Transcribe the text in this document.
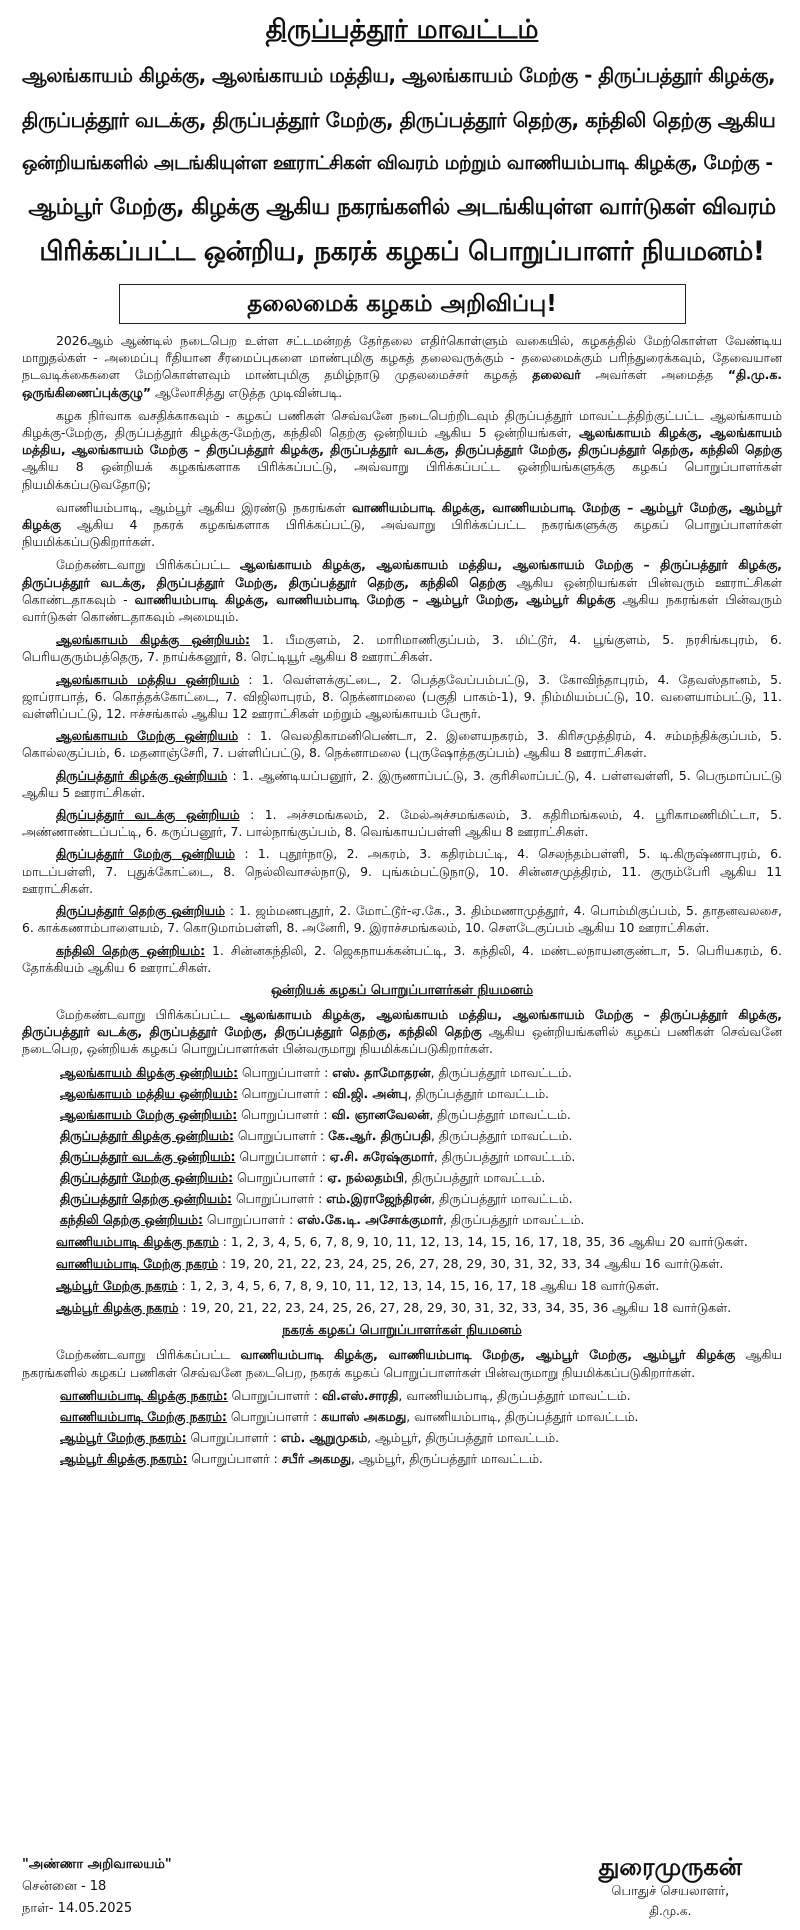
திருப்பத்தூர் மாவட்டம்

ஆலங்காயம் கிழக்கு, ஆலங்காயம் மத்திய, ஆலங்காயம் மேற்கு - திருப்பத்தூர் கிழக்கு,

திருப்பத்தூர் வடக்கு, திருப்பத்தூர் மேற்கு, திருப்பத்தூர் தெற்கு, கந்திலி தெற்கு ஆகிய

ஒன்றியங்களில் அடங்கியுள்ள ஊராட்சிகள் விவரம் மற்றும் வாணியம்பாடி கிழக்கு, மேற்கு -

ஆம்பூர் மேற்கு, கிழக்கு ஆகிய நகரங்களில் அடங்கியுள்ள வார்டுகள் விவரம்

பிரிக்கப்பட்ட ஒன்றிய, நகரக் கழகப் பொறுப்பாளர் நியமனம்!

தலைமைக் கழகம் அறிவிப்பு!

2026ஆம் ஆண்டில் நடைபெற உள்ள சட்டமன்றத் தேர்தலை எதிர்கொள்ளும் வகையில், கழகத்தில் மேற்கொள்ள வேண்டிய மாறுதல்கள் - அமைப்பு ரீதியான சீரமைப்புகளை மாண்புமிகு கழகத் தலைவருக்கும் - தலைமைக்கும் பரிந்துரைக்கவும், தேவையான நடவடிக்கைகளை மேற்கொள்ளவும் மாண்புமிகு தமிழ்நாடு முதலமைச்சர் கழகத் தலைவர் அவர்கள் அமைத்த “தி.மு.க. ஒருங்கிணைப்புக்குழு” ஆலோசித்து எடுத்த முடிவின்படி.

கழக நிர்வாக வசதிக்காகவும் - கழகப் பணிகள் செவ்வனே நடைபெற்றிடவும் திருப்பத்தூர் மாவட்டத்திற்குட்பட்ட ஆலங்காயம் கிழக்கு-மேற்கு, திருப்பத்தூர் கிழக்கு-மேற்கு, கந்திலி தெற்கு ஒன்றியம் ஆகிய 5 ஒன்றியங்கள், ஆலங்காயம் கிழக்கு, ஆலங்காயம் மத்திய, ஆலங்காயம் மேற்கு – திருப்பத்தூர் கிழக்கு, திருப்பத்தூர் வடக்கு, திருப்பத்தூர் மேற்கு, திருப்பத்தூர் தெற்கு, கந்திலி தெற்கு ஆகிய 8 ஒன்றியக் கழகங்களாக பிரிக்கப்பட்டு, அவ்வாறு பிரிக்கப்பட்ட ஒன்றியங்களுக்கு கழகப் பொறுப்பாளர்கள் நியமிக்கப்படுவதோடு;

வாணியம்பாடி, ஆம்பூர் ஆகிய இரண்டு நகரங்கள் வாணியம்பாடி கிழக்கு, வாணியம்பாடி மேற்கு – ஆம்பூர் மேற்கு, ஆம்பூர் கிழக்கு ஆகிய 4 நகரக் கழகங்களாக பிரிக்கப்பட்டு, அவ்வாறு பிரிக்கப்பட்ட நகரங்களுக்கு கழகப் பொறுப்பாளர்கள் நியமிக்கப்படுகிறார்கள்.

மேற்கண்டவாறு பிரிக்கப்பட்ட ஆலங்காயம் கிழக்கு, ஆலங்காயம் மத்திய, ஆலங்காயம் மேற்கு – திருப்பத்தூர் கிழக்கு, திருப்பத்தூர் வடக்கு, திருப்பத்தூர் மேற்கு, திருப்பத்தூர் தெற்கு, கந்திலி தெற்கு ஆகிய ஒன்றியங்கள் பின்வரும் ஊராட்சிகள் கொண்டதாகவும் - வாணியம்பாடி கிழக்கு, வாணியம்பாடி மேற்கு – ஆம்பூர் மேற்கு, ஆம்பூர் கிழக்கு ஆகிய நகரங்கள் பின்வரும் வார்டுகள் கொண்டதாகவும் அமையும்.

ஆலங்காயம் கிழக்கு ஒன்றியம்: 1. பீமகுளம், 2. மாரிமாணிகுப்பம், 3. மிட்டூர், 4. பூங்குளம், 5. நரசிங்கபுரம், 6. பெரியகுரும்பத்தெரு, 7. நாய்க்கனூர், 8. ரெட்டியூர் ஆகிய 8 ஊராட்சிகள்.

ஆலங்காயம் மத்திய ஒன்றியம் : 1. வெள்ளக்குட்டை, 2. பெத்தவேப்பம்பட்டு, 3. கோவிந்தாபுரம், 4. தேவஸ்தானம், 5. ஜாப்ராபாத், 6. கொத்தக்கோட்டை, 7. விஜிலாபுரம், 8. நெக்னாமலை (பகுதி பாகம்-1), 9. நிம்மியம்பட்டு, 10. வளையாம்பட்டு, 11. வள்ளிப்பட்டு, 12. ஈச்சங்கால் ஆகிய 12 ஊராட்சிகள் மற்றும் ஆலங்காயம் பேரூர்.

ஆலங்காயம் மேற்கு ஒன்றியம் : 1. வெலதிகாமனிபெண்டா, 2. இளையநகரம், 3. கிரிசமுத்திரம், 4. சம்மந்திக்குப்பம், 5. கொல்லகுப்பம், 6. மதனாஞ்சேரி, 7. பள்ளிப்பட்டு, 8. நெக்னாமலை (புருஷோத்தகுப்பம்) ஆகிய 8 ஊராட்சிகள்.

திருப்பத்தூர் கிழக்கு ஒன்றியம் : 1. ஆண்டியப்பனூர், 2. இருணாப்பட்டு, 3. குரிசிலாப்பட்டு, 4. பள்ளவள்ளி, 5. பெருமாப்பட்டு ஆகிய 5 ஊராட்சிகள்.

திருப்பத்தூர் வடக்கு ஒன்றியம் : 1. அச்சமங்கலம், 2. மேல்அச்சமங்கலம், 3. கதிரிமங்கலம், 4. பூரிகாமணிமிட்டா, 5. அண்ணாண்டப்பட்டி, 6. கருப்பனூர், 7. பால்நாங்குப்பம், 8. வெங்காயப்பள்ளி ஆகிய 8 ஊராட்சிகள்.

திருப்பத்தூர் மேற்கு ஒன்றியம் : 1. புதூர்நாடு, 2. அகரம், 3. கதிரம்பட்டி, 4. செலந்தம்பள்ளி, 5. டி.கிருஷ்ணாபுரம், 6. மாடப்பள்ளி, 7. புதுக்கோட்டை, 8. நெல்லிவாசல்நாடு, 9. புங்கம்பட்டுநாடு, 10. சின்னசமுத்திரம், 11. குரும்பேரி ஆகிய 11 ஊராட்சிகள்.

திருப்பத்தூர் தெற்கு ஒன்றியம் : 1. ஜம்மணபுதூர், 2. மோட்டூர்-ஏ.கே., 3. திம்மணாமுத்தூர், 4. பொம்மிகுப்பம், 5. தாதனவலசை, 6. காக்கணாம்பாளையம், 7. கொடுமாம்பள்ளி, 8. அனேரி, 9. இராச்சமங்கலம், 10. சௌடேகுப்பம் ஆகிய 10 ஊராட்சிகள்.

கந்திலி தெற்கு ஒன்றியம்: 1. சின்னகந்திலி, 2. ஜெகநாயக்கன்பட்டி, 3. கந்திலி, 4. மண்டலநாயனகுண்டா, 5. பெரியகரம், 6. தோக்கியம் ஆகிய 6 ஊராட்சிகள்.

ஒன்றியக் கழகப் பொறுப்பாளர்கள் நியமனம்

மேற்கண்டவாறு பிரிக்கப்பட்ட ஆலங்காயம் கிழக்கு, ஆலங்காயம் மத்திய, ஆலங்காயம் மேற்கு – திருப்பத்தூர் கிழக்கு, திருப்பத்தூர் வடக்கு, திருப்பத்தூர் மேற்கு, திருப்பத்தூர் தெற்கு, கந்திலி தெற்கு ஆகிய ஒன்றியங்களில் கழகப் பணிகள் செவ்வனே நடைபெற, ஒன்றியக் கழகப் பொறுப்பாளர்கள் பின்வருமாறு நியமிக்கப்படுகிறார்கள்.

ஆலங்காயம் கிழக்கு ஒன்றியம்: பொறுப்பாளர் : எஸ். தாமோதரன், திருப்பத்தூர் மாவட்டம்.
ஆலங்காயம் மத்திய ஒன்றியம்: பொறுப்பாளர் : வி.ஜி. அன்பு, திருப்பத்தூர் மாவட்டம்.
ஆலங்காயம் மேற்கு ஒன்றியம்: பொறுப்பாளர் : வி. ஞானவேலன், திருப்பத்தூர் மாவட்டம்.
திருப்பத்தூர் கிழக்கு ஒன்றியம்: பொறுப்பாளர் : கே.ஆர். திருப்பதி, திருப்பத்தூர் மாவட்டம்.
திருப்பத்தூர் வடக்கு ஒன்றியம்: பொறுப்பாளர் : ஏ.சி. சுரேஷ்குமார், திருப்பத்தூர் மாவட்டம்.
திருப்பத்தூர் மேற்கு ஒன்றியம்: பொறுப்பாளர் : ஏ. நல்லதம்பி, திருப்பத்தூர் மாவட்டம்.
திருப்பத்தூர் தெற்கு ஒன்றியம்: பொறுப்பாளர் : எம்.இராஜேந்திரன், திருப்பத்தூர் மாவட்டம்.
கந்திலி தெற்கு ஒன்றியம்: பொறுப்பாளர் : எஸ்.கே.டி. அசோக்குமார், திருப்பத்தூர் மாவட்டம்.

வாணியம்பாடி கிழக்கு நகரம் : 1, 2, 3, 4, 5, 6, 7, 8, 9, 10, 11, 12, 13, 14, 15, 16, 17, 18, 35, 36 ஆகிய 20 வார்டுகள்.

வாணியம்பாடி மேற்கு நகரம் : 19, 20, 21, 22, 23, 24, 25, 26, 27, 28, 29, 30, 31, 32, 33, 34 ஆகிய 16 வார்டுகள்.

ஆம்பூர் மேற்கு நகரம் : 1, 2, 3, 4, 5, 6, 7, 8, 9, 10, 11, 12, 13, 14, 15, 16, 17, 18 ஆகிய 18 வார்டுகள்.

ஆம்பூர் கிழக்கு நகரம் : 19, 20, 21, 22, 23, 24, 25, 26, 27, 28, 29, 30, 31, 32, 33, 34, 35, 36 ஆகிய 18 வார்டுகள்.

நகரக் கழகப் பொறுப்பாளர்கள் நியமனம்

மேற்கண்டவாறு பிரிக்கப்பட்ட வாணியம்பாடி கிழக்கு, வாணியம்பாடி மேற்கு, ஆம்பூர் மேற்கு, ஆம்பூர் கிழக்கு ஆகிய நகரங்களில் கழகப் பணிகள் செவ்வனே நடைபெற, நகரக் கழகப் பொறுப்பாளர்கள் பின்வருமாறு நியமிக்கப்படுகிறார்கள்.

வாணியம்பாடி கிழக்கு நகரம்: பொறுப்பாளர் : வி.எஸ்.சாரதி, வாணியம்பாடி, திருப்பத்தூர் மாவட்டம்.
வாணியம்பாடி மேற்கு நகரம்: பொறுப்பாளர் : கயாஸ் அகமது, வாணியம்பாடி, திருப்பத்தூர் மாவட்டம்.
ஆம்பூர் மேற்கு நகரம்: பொறுப்பாளர் : எம். ஆறுமுகம், ஆம்பூர், திருப்பத்தூர் மாவட்டம்.
ஆம்பூர் கிழக்கு நகரம்: பொறுப்பாளர் : சபீர் அகமது, ஆம்பூர், திருப்பத்தூர் மாவட்டம்.
"அண்ணா அறிவாலயம்"
சென்னை - 18
நாள்- 14.05.2025
துரைமுருகன்
பொதுச் செயலாளர்,
தி.மு.க.
